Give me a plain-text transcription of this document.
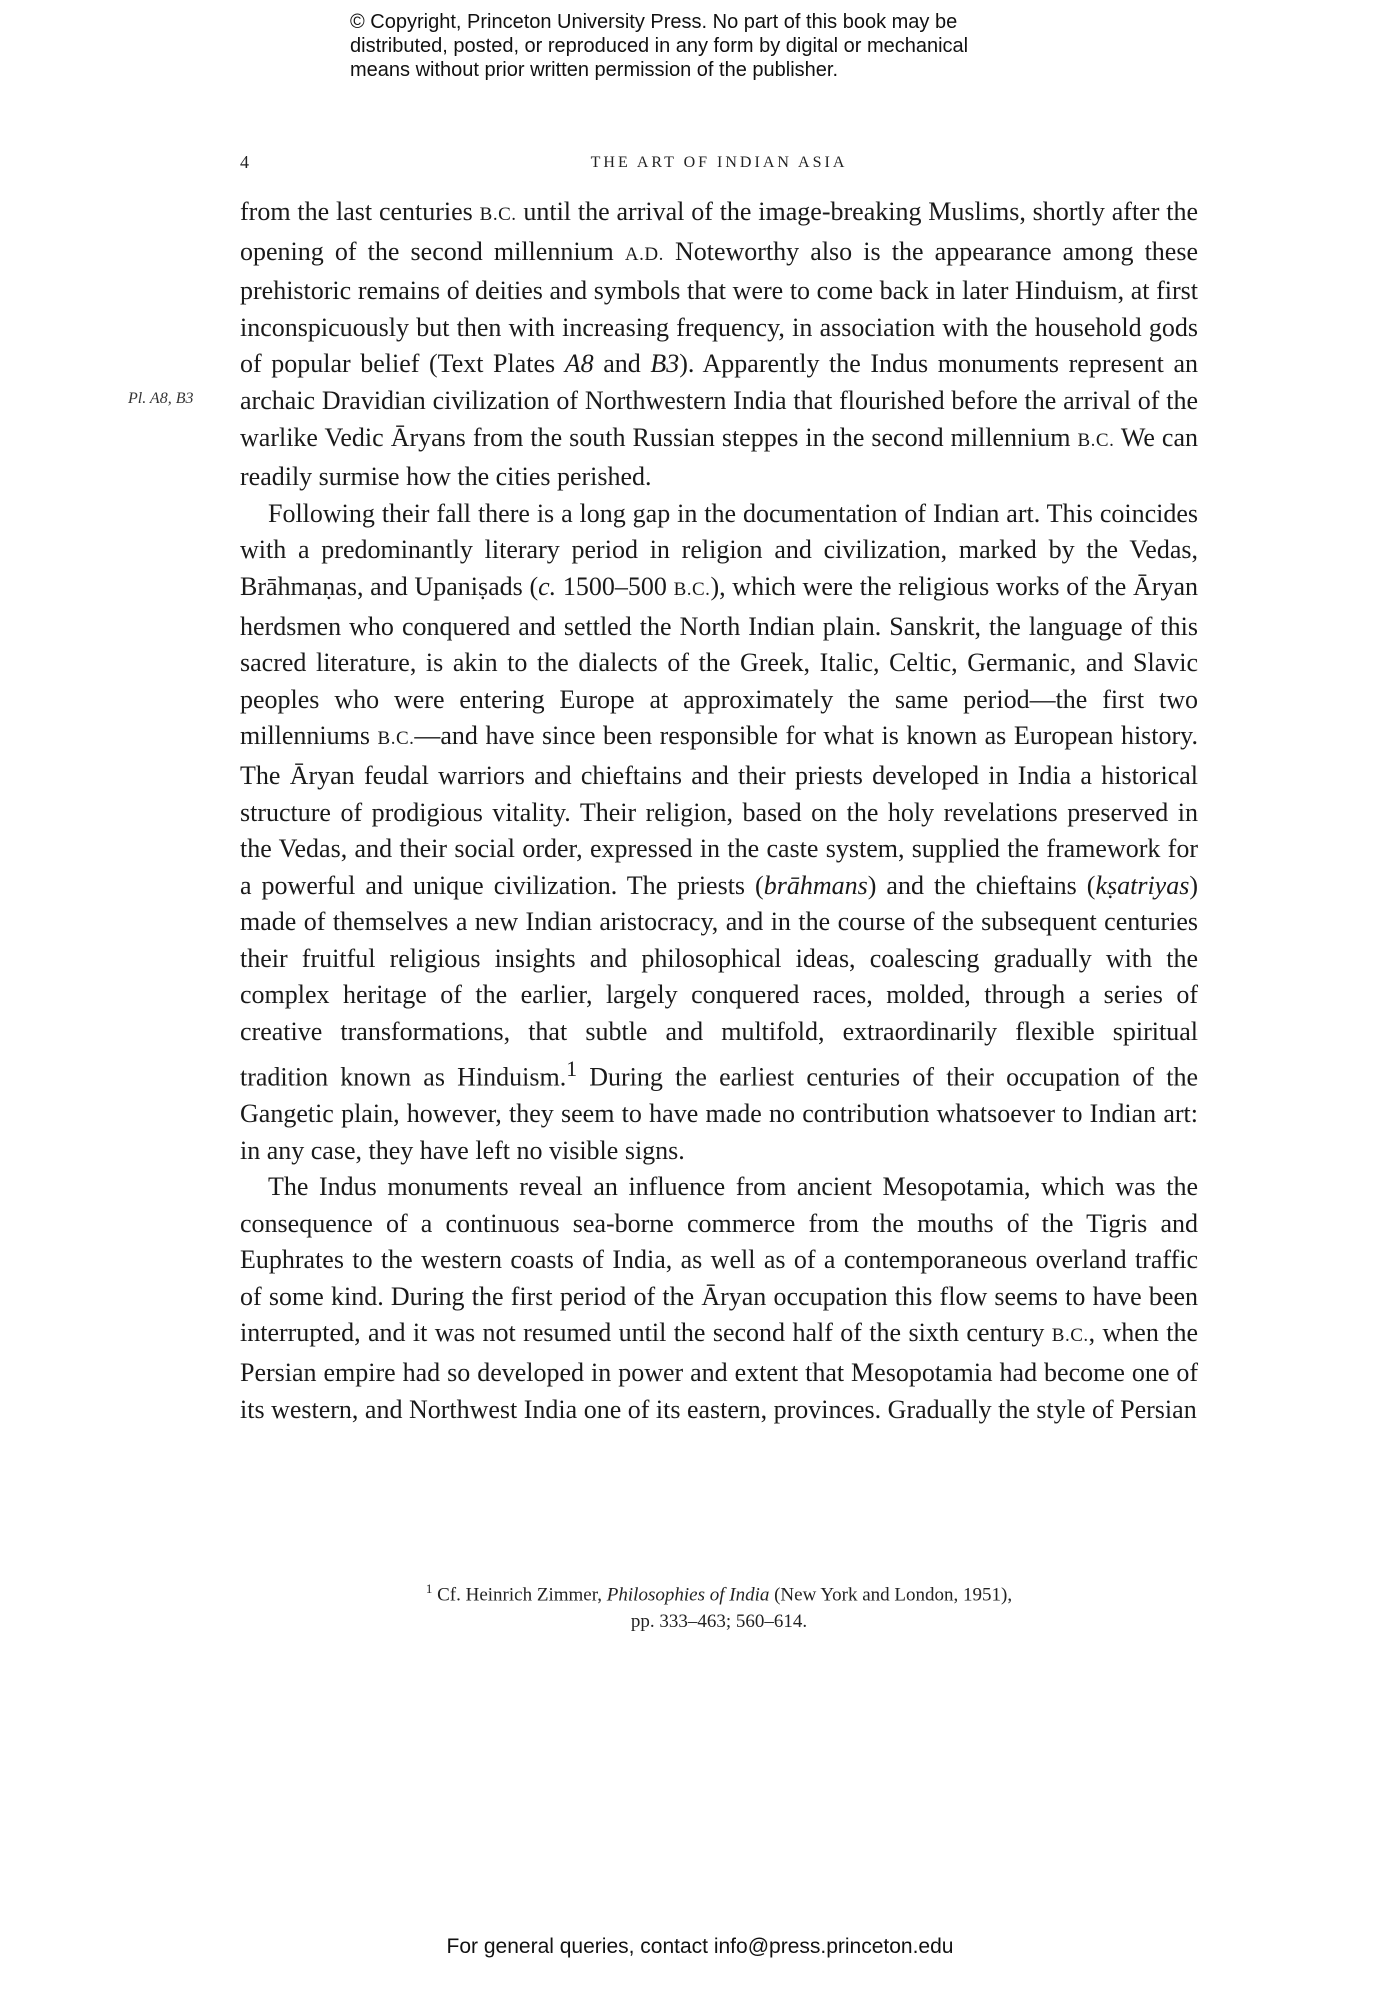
© Copyright, Princeton University Press. No part of this book may be
distributed, posted, or reproduced in any form by digital or mechanical
means without prior written permission of the publisher.
4	THE ART OF INDIAN ASIA
Pl. A8, B3

from the last centuries B.C. until the arrival of the image-breaking Muslims, shortly after the opening of the second millennium A.D. Noteworthy also is the appearance among these prehistoric remains of deities and symbols that were to come back in later Hinduism, at first inconspicuously but then with increasing frequency, in association with the household gods of popular belief (Text Plates A8 and B3). Apparently the Indus monuments represent an archaic Dravidian civilization of Northwestern India that flourished before the arrival of the warlike Vedic Āryans from the south Russian steppes in the second millennium B.C. We can readily surmise how the cities perished.

Following their fall there is a long gap in the documentation of Indian art. This coincides with a predominantly literary period in religion and civilization, marked by the Vedas, Brāhmaṇas, and Upaniṣads (c. 1500–500 B.C.), which were the religious works of the Āryan herdsmen who conquered and settled the North Indian plain. Sanskrit, the language of this sacred literature, is akin to the dialects of the Greek, Italic, Celtic, Germanic, and Slavic peoples who were entering Europe at approximately the same period—the first two millenniums B.C.—and have since been responsible for what is known as European history. The Āryan feudal warriors and chieftains and their priests developed in India a historical structure of prodigious vitality. Their religion, based on the holy revelations preserved in the Vedas, and their social order, expressed in the caste system, supplied the framework for a powerful and unique civilization. The priests (brāhmans) and the chieftains (kṣatriyas) made of themselves a new Indian aristocracy, and in the course of the subsequent centuries their fruitful religious insights and philosophical ideas, coalescing gradually with the complex heritage of the earlier, largely conquered races, molded, through a series of creative transformations, that subtle and multifold, extraordinarily flexible spiritual tradition known as Hinduism.$^1$ During the earliest centuries of their occupation of the Gangetic plain, however, they seem to have made no contribution whatsoever to Indian art: in any case, they have left no visible signs.

The Indus monuments reveal an influence from ancient Mesopotamia, which was the consequence of a continuous sea-borne commerce from the mouths of the Tigris and Euphrates to the western coasts of India, as well as of a contemporaneous overland traffic of some kind. During the first period of the Āryan occupation this flow seems to have been interrupted, and it was not resumed until the second half of the sixth century B.C., when the Persian empire had so developed in power and extent that Mesopotamia had become one of its western, and Northwest India one of its eastern, provinces. Gradually the style of Persian

$^1$ Cf. Heinrich Zimmer, Philosophies of India (New York and London, 1951),
pp. 333–463; 560–614.
For general queries, contact info@press.princeton.edu
